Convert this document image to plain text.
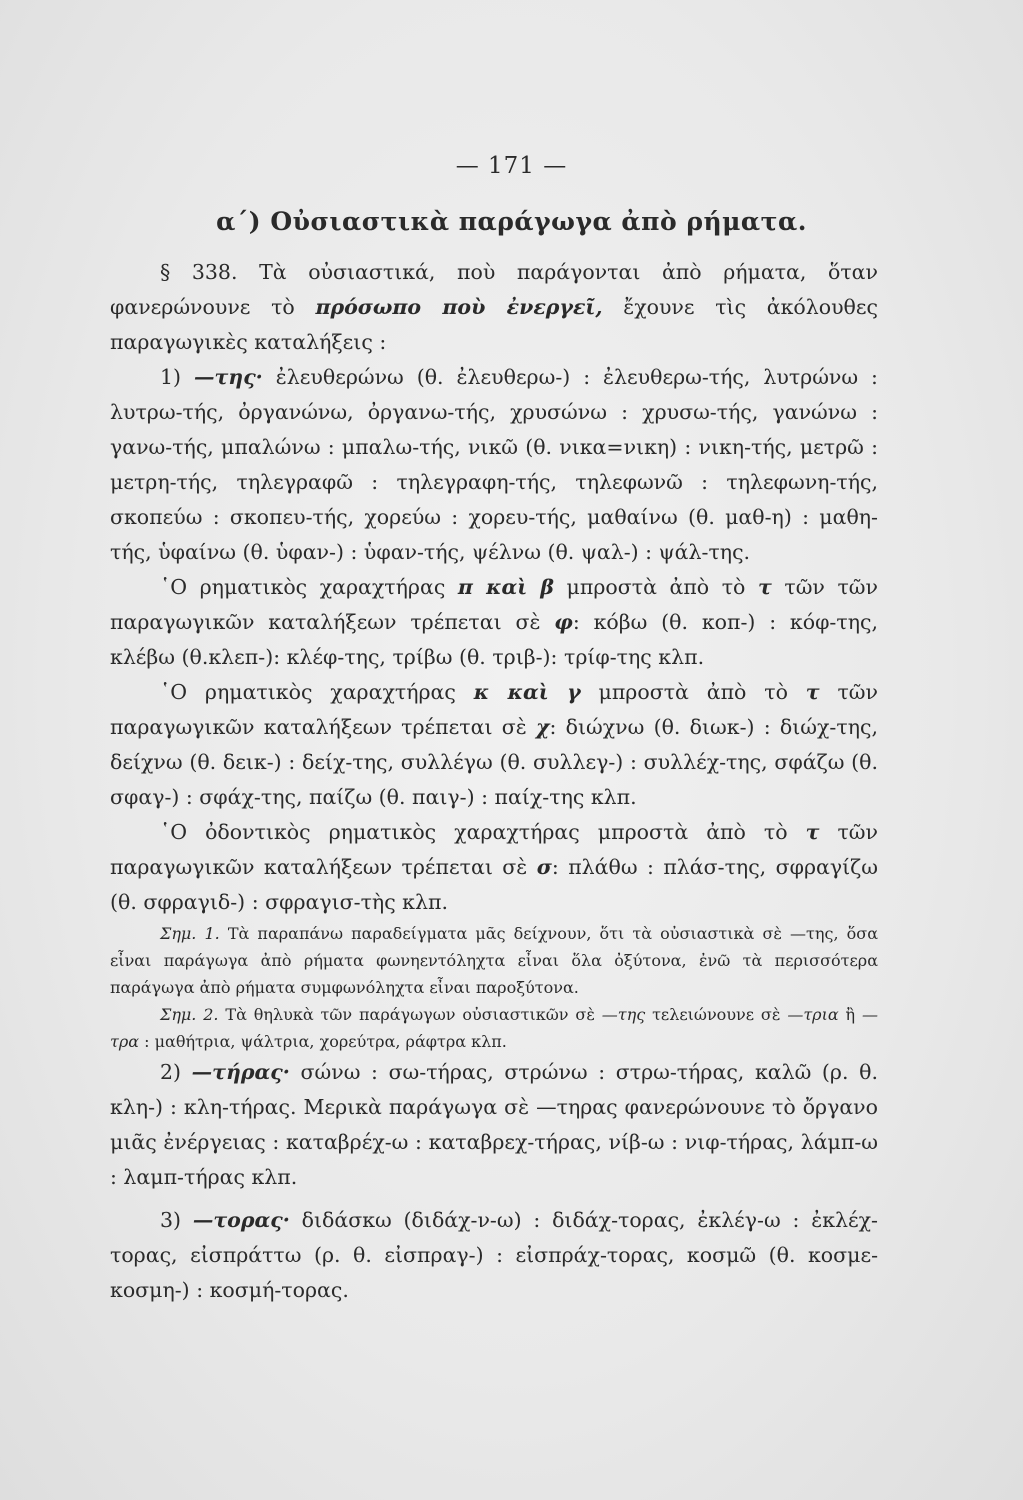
— 171 —
α΄) Οὐσιαστικὰ παράγωγα ἀπὸ ρήματα.

§ 338. Τὰ οὐσιαστικά, ποὺ παράγονται ἀπὸ ρήματα, ὅταν φανερώνουνε τὸ πρόσωπο ποὺ ἐνεργεῖ, ἔχουνε τὶς ἀκόλουθες παραγωγικὲς καταλήξεις :

1) —της· ἐλευθερώνω (θ. ἐλευθερω-) : ἐλευθερω-τής, λυτρώνω : λυτρω-τής, ὀργανώνω, ὀργανω-τής, χρυσώνω : χρυσω-τής, γανώνω : γανω-τής, μπαλώνω : μπαλω-τής, νικῶ (θ. νικα=νικη) : νικη-τής, μετρῶ : μετρη-τής, τηλεγραφῶ : τηλεγραφη-τής, τηλεφωνῶ : τηλεφωνη-τής, σκοπεύω : σκοπευ-τής, χορεύω : χορευ-τής, μαθαίνω (θ. μαθ-η) : μαθη-τής, ὑφαίνω (θ. ὑφαν-) : ὑφαν-τής, ψέλνω (θ. ψαλ-) : ψάλ-της.

῾Ο ρηματικὸς χαραχτήρας π καὶ β μπροστὰ ἀπὸ τὸ τ τῶν τῶν παραγωγικῶν καταλήξεων τρέπεται σὲ φ: κόβω (θ. κοπ-) : κόφ-της, κλέβω (θ.κλεπ-): κλέφ-της, τρίβω (θ. τριβ-): τρίφ-της κλπ.

῾Ο ρηματικὸς χαραχτήρας κ καὶ γ μπροστὰ ἀπὸ τὸ τ τῶν παραγωγικῶν καταλήξεων τρέπεται σὲ χ: διώχνω (θ. διωκ-) : διώχ-της, δείχνω (θ. δεικ-) : δείχ-της, συλλέγω (θ. συλλεγ-) : συλλέχ-της, σφάζω (θ. σφαγ-) : σφάχ-της, παίζω (θ. παιγ-) : παίχ-της κλπ.

῾Ο ὀδοντικὸς ρηματικὸς χαραχτήρας μπροστὰ ἀπὸ τὸ τ τῶν παραγωγικῶν καταλήξεων τρέπεται σὲ σ: πλάθω : πλάσ-της, σφραγίζω (θ. σφραγιδ-) : σφραγισ-τὴς κλπ.

Σημ. 1. Τὰ παραπάνω παραδείγματα μᾶς δείχνουν, ὅτι τὰ οὐσιαστικὰ σὲ —της, ὅσα εἶναι παράγωγα ἀπὸ ρήματα φωνηεντόληχτα εἶναι ὅλα ὀξύτονα, ἐνῶ τὰ περισσότερα παράγωγα ἀπὸ ρήματα συμφωνόληχτα εἶναι παροξύτονα.

Σημ. 2. Τὰ θηλυκὰ τῶν παράγωγων οὐσιαστικῶν σὲ —της τελειώνουνε σὲ —τρια ἢ —τρα : μαθήτρια, ψάλτρια, χορεύτρα, ράφτρα κλπ.

2) —τήρας· σώνω : σω-τήρας, στρώνω : στρω-τήρας, καλῶ (ρ. θ. κλη-) : κλη-τήρας. Μερικὰ παράγωγα σὲ —τηρας φανερώνουνε τὸ ὄργανο μιᾶς ἐνέργειας : καταβρέχ-ω : καταβρεχ-τήρας, νίβ-ω : νιφ-τήρας, λάμπ-ω : λαμπ-τήρας κλπ.

3) —τορας· διδάσκω (διδάχ-ν-ω) : διδάχ-τορας, ἐκλέγ-ω : ἐκλέχ-τορας, εἰσπράττω (ρ. θ. εἰσπραγ-) : εἰσπράχ-τορας, κοσμῶ (θ. κοσμε-κοσμη-) : κοσμή-τορας.
